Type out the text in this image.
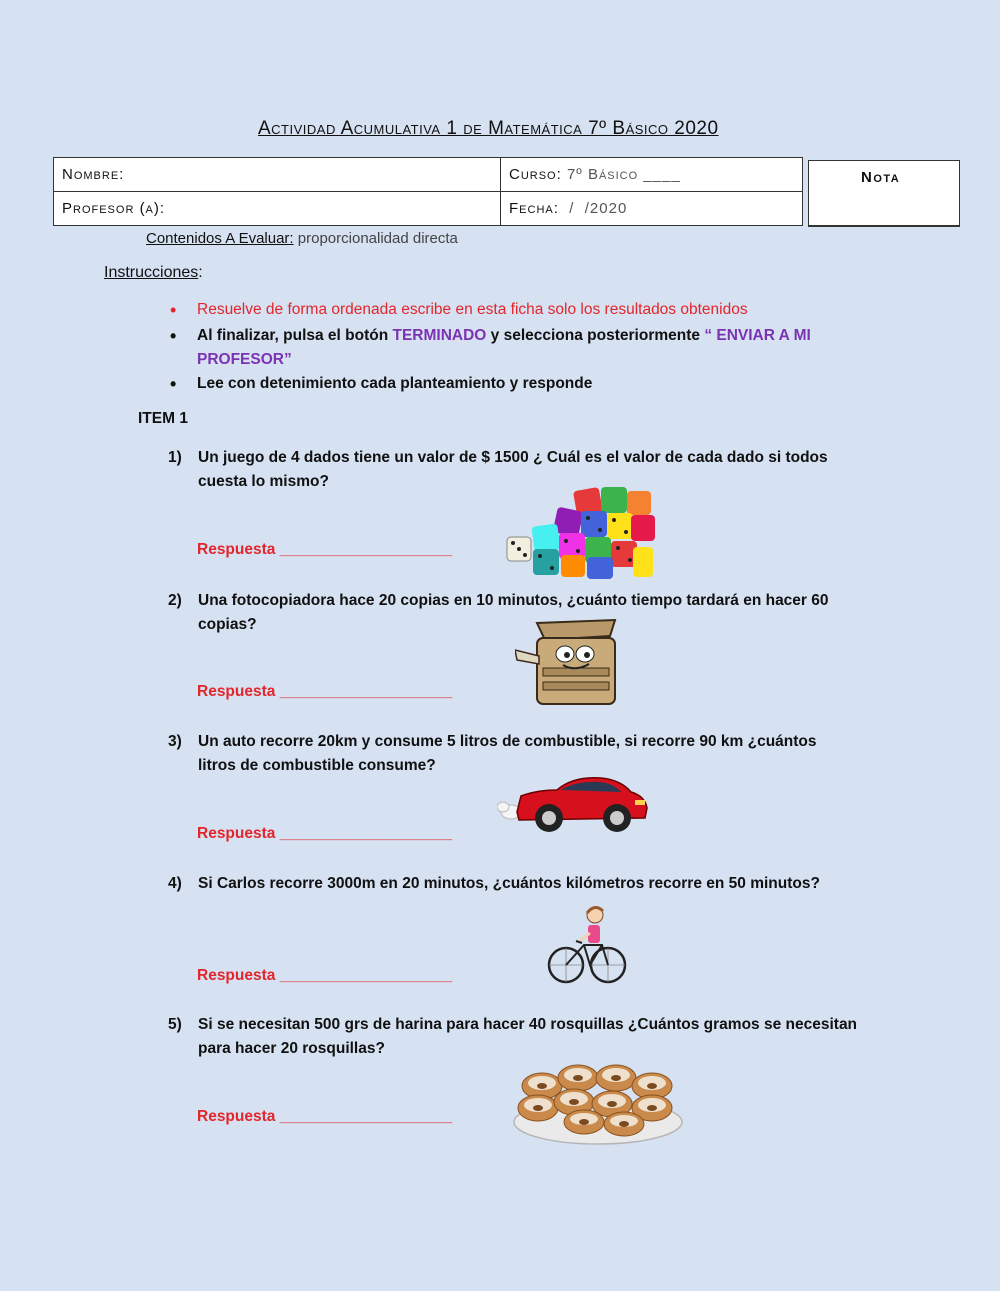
Actividad Acumulativa 1 de Matemática 7º Básico 2020
Nombre:	Curso: 7º Básico ____
Profesor (a):	Fecha:  /  /2020
Nota
Contenidos A Evaluar: proporcionalidad directa
Instrucciones:
• Resuelve de forma ordenada escribe en esta ficha solo los resultados obtenidos
• Al finalizar, pulsa el botón TERMINADO y selecciona posteriormente “ ENVIAR A MI PROFESOR”
• Lee con detenimiento cada planteamiento y responde
ITEM 1
1) Un juego de 4 dados tiene un valor de $ 1500 ¿ Cuál es el valor de cada dado si todos cuesta lo mismo?
Respuesta ____________________
2) Una fotocopiadora hace 20 copias en 10 minutos, ¿cuánto tiempo tardará en hacer 60 copias?
Respuesta ____________________
3) Un auto recorre 20km y consume 5 litros de combustible, si recorre 90 km ¿cuántos litros de combustible consume?
Respuesta ____________________
4) Si Carlos recorre 3000m en 20 minutos, ¿cuántos kilómetros recorre en 50 minutos?
Respuesta ____________________
5) Si se necesitan 500 grs de harina para hacer 40 rosquillas ¿Cuántos gramos se necesitan para hacer 20 rosquillas?
Respuesta ____________________
